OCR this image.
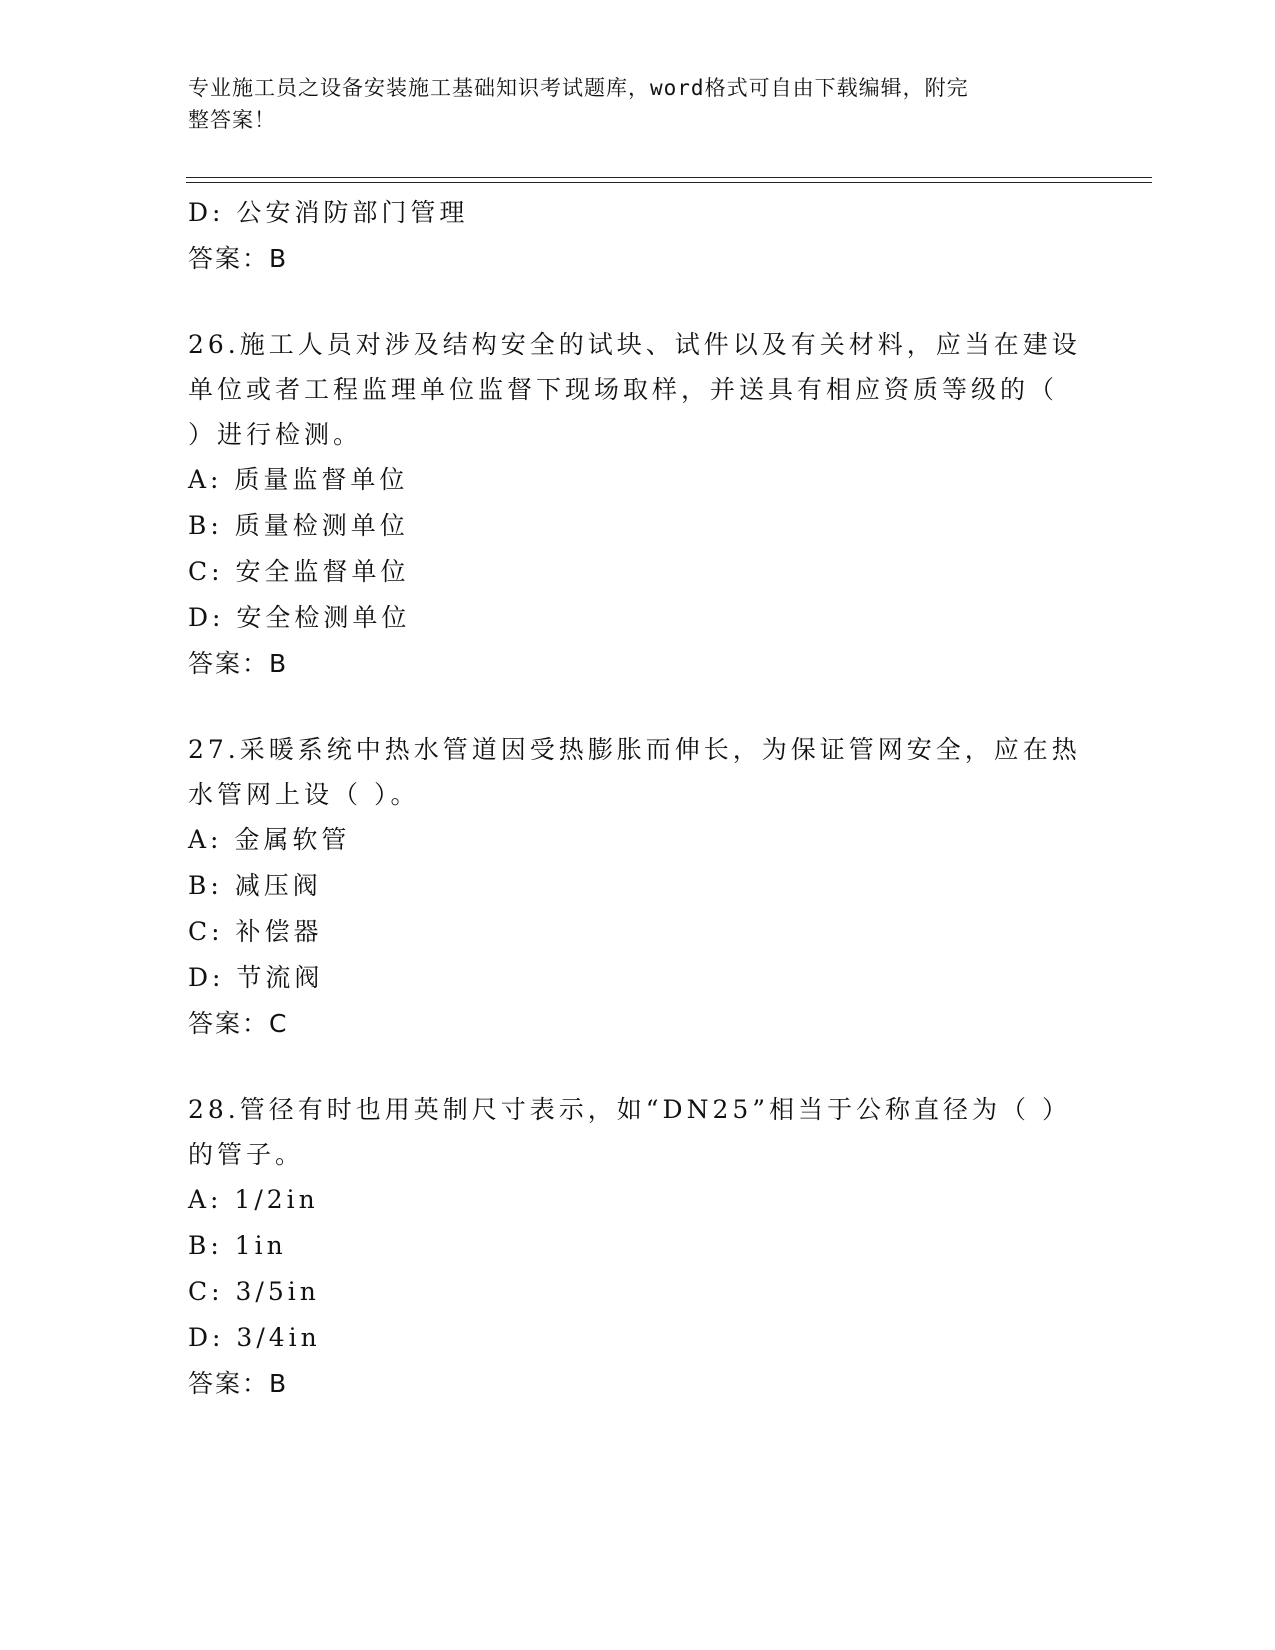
专业施工员之设备安装施工基础知识考试题库，word格式可自由下载编辑，附完
整答案！
D: 公安消防部门管理
答案：B
26.施工人员对涉及结构安全的试块、试件以及有关材料，应当在建设
单位或者工程监理单位监督下现场取样，并送具有相应资质等级的（
）进行检测。
A: 质量监督单位
B: 质量检测单位
C: 安全监督单位
D: 安全检测单位
答案：B
27.采暖系统中热水管道因受热膨胀而伸长，为保证管网安全，应在热
水管网上设（ ）。
A: 金属软管
B: 减压阀
C: 补偿器
D: 节流阀
答案：C
28.管径有时也用英制尺寸表示，如“DN25”相当于公称直径为（ ）
的管子。
A: 1/2in
B: 1in
C: 3/5in
D: 3/4in
答案：B
